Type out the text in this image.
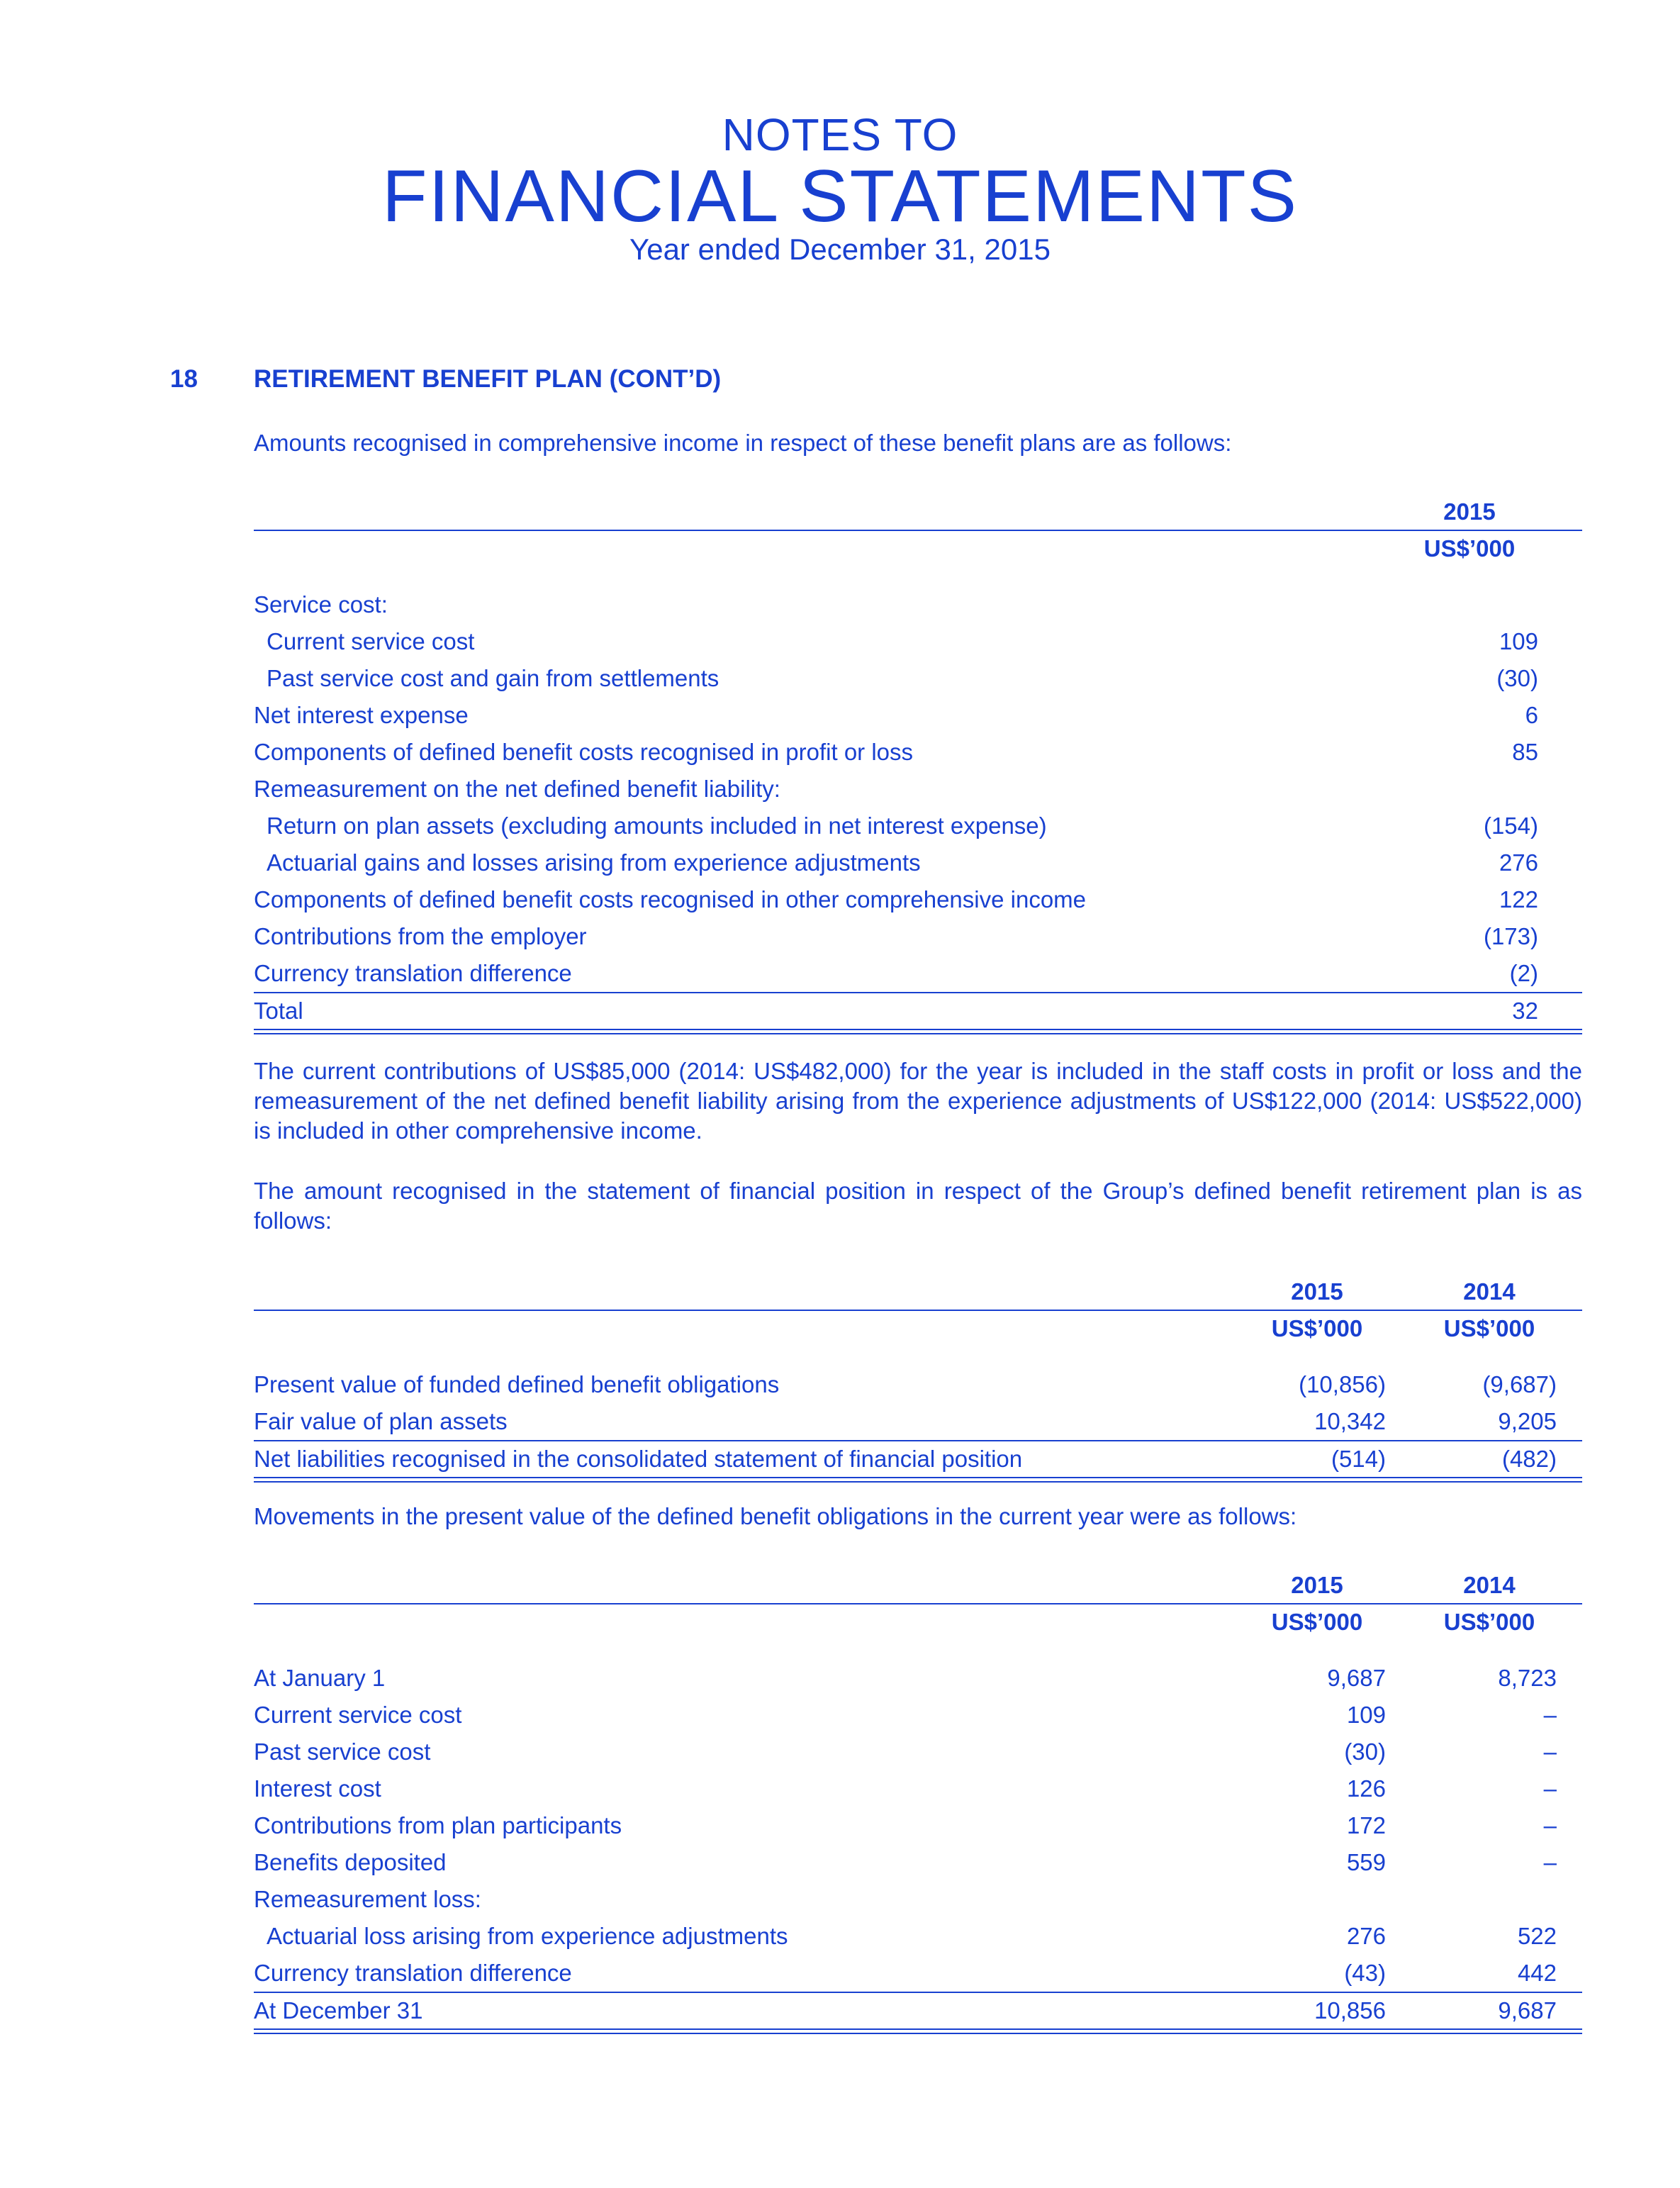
NOTES TO
FINANCIAL STATEMENTS
Year ended December 31, 2015
18 RETIREMENT BENEFIT PLAN (CONT’D)
Amounts recognised in comprehensive income in respect of these benefit plans are as follows:
2015
US$’000
Service cost:
Current service cost	109
Past service cost and gain from settlements	(30)
Net interest expense	6
Components of defined benefit costs recognised in profit or loss	85
Remeasurement on the net defined benefit liability:
Return on plan assets (excluding amounts included in net interest expense)	(154)
Actuarial gains and losses arising from experience adjustments	276
Components of defined benefit costs recognised in other comprehensive income	122
Contributions from the employer	(173)
Currency translation difference	(2)
Total	32
The current contributions of US$85,000 (2014: US$482,000) for the year is included in the staff costs in profit or loss and the remeasurement of the net defined benefit liability arising from the experience adjustments of US$122,000 (2014: US$522,000) is included in other comprehensive income.
The amount recognised in the statement of financial position in respect of the Group’s defined benefit retirement plan is as follows:
2015	2014
US$’000	US$’000
Present value of funded defined benefit obligations	(10,856)	(9,687)
Fair value of plan assets	10,342	9,205
Net liabilities recognised in the consolidated statement of financial position	(514)	(482)
Movements in the present value of the defined benefit obligations in the current year were as follows:
2015	2014
US$’000	US$’000
At January 1	9,687	8,723
Current service cost	109	–
Past service cost	(30)	–
Interest cost	126	–
Contributions from plan participants	172	–
Benefits deposited	559	–
Remeasurement loss:
Actuarial loss arising from experience adjustments	276	522
Currency translation difference	(43)	442
At December 31	10,856	9,687
